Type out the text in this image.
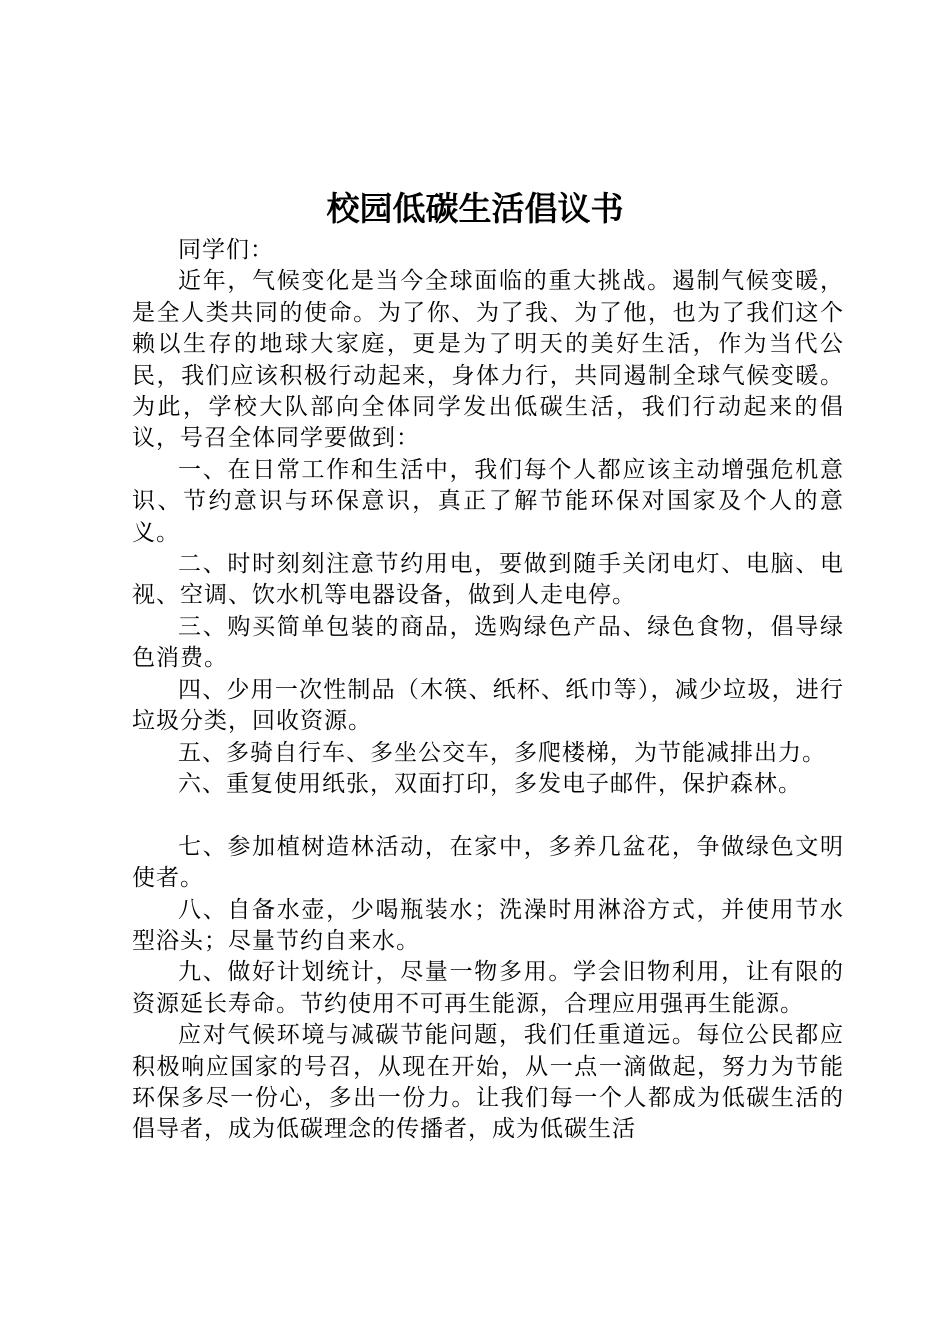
校园低碳生活倡议书

同学们：

近年，气候变化是当今全球面临的重大挑战。遏制气候变暖，是全人类共同的使命。为了你、为了我、为了他，也为了我们这个赖以生存的地球大家庭，更是为了明天的美好生活，作为当代公民，我们应该积极行动起来，身体力行，共同遏制全球气候变暖。为此，学校大队部向全体同学发出低碳生活，我们行动起来的倡议，号召全体同学要做到：

一、在日常工作和生活中，我们每个人都应该主动增强危机意识、节约意识与环保意识，真正了解节能环保对国家及个人的意义。

二、时时刻刻注意节约用电，要做到随手关闭电灯、电脑、电视、空调、饮水机等电器设备，做到人走电停。

三、购买简单包装的商品，选购绿色产品、绿色食物，倡导绿色消费。

四、少用一次性制品（木筷、纸杯、纸巾等），减少垃圾，进行垃圾分类，回收资源。

五、多骑自行车、多坐公交车，多爬楼梯，为节能减排出力。

六、重复使用纸张，双面打印，多发电子邮件，保护森林。

七、参加植树造林活动，在家中，多养几盆花，争做绿色文明使者。

八、自备水壶，少喝瓶装水；洗澡时用淋浴方式，并使用节水型浴头；尽量节约自来水。

九、做好计划统计，尽量一物多用。学会旧物利用，让有限的资源延长寿命。节约使用不可再生能源，合理应用强再生能源。

应对气候环境与减碳节能问题，我们任重道远。每位公民都应积极响应国家的号召，从现在开始，从一点一滴做起，努力为节能环保多尽一份心，多出一份力。让我们每一个人都成为低碳生活的倡导者，成为低碳理念的传播者，成为低碳生活
